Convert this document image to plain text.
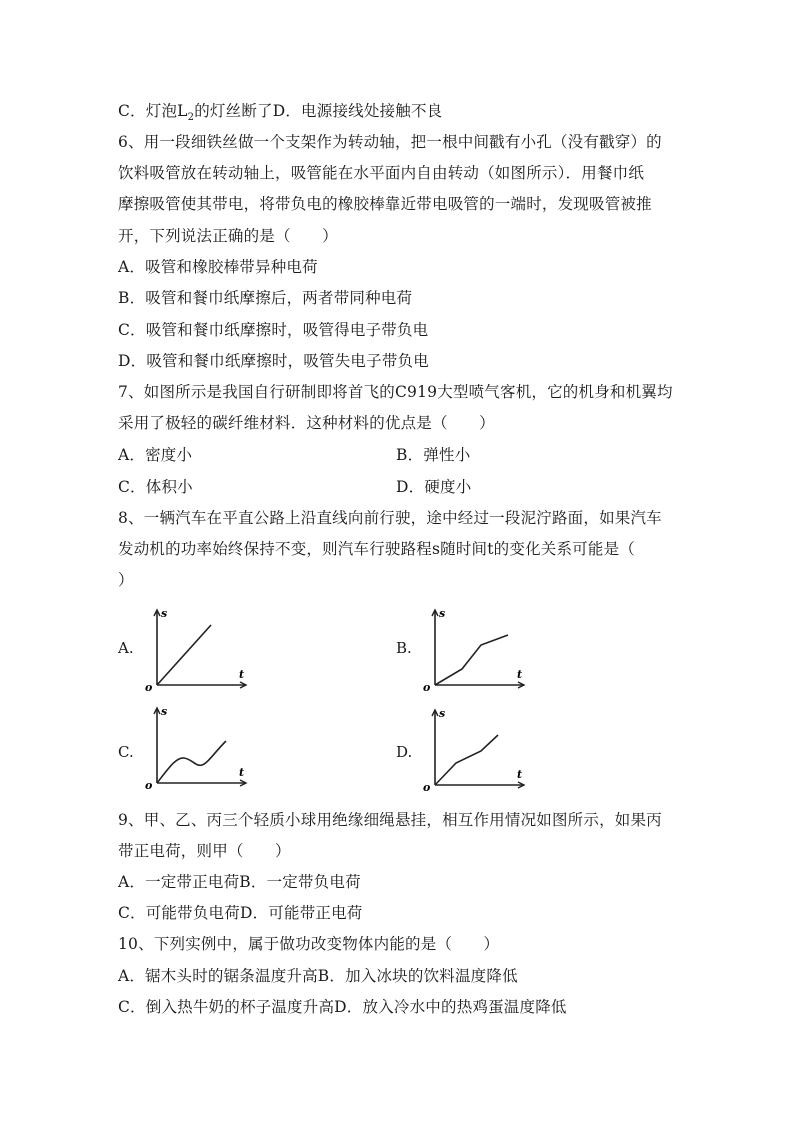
C．灯泡$L_2$的灯丝断了D．电源接线处接触不良
6、用一段细铁丝做一个支架作为转动轴，把一根中间戳有小孔（没有戳穿）的
饮料吸管放在转动轴上，吸管能在水平面内自由转动（如图所示）．用餐巾纸
摩擦吸管使其带电，将带负电的橡胶棒靠近带电吸管的一端时，发现吸管被推
开，下列说法正确的是（　　）
A．吸管和橡胶棒带异种电荷
B．吸管和餐巾纸摩擦后，两者带同种电荷
C．吸管和餐巾纸摩擦时，吸管得电子带负电
D．吸管和餐巾纸摩擦时，吸管失电子带负电
7、如图所示是我国自行研制即将首飞的C919大型喷气客机，它的机身和机翼均
采用了极轻的碳纤维材料．这种材料的优点是（　　）
A．密度小	B．弹性小
C．体积小	D．硬度小
8、一辆汽车在平直公路上沿直线向前行驶，途中经过一段泥泞路面，如果汽车
发动机的功率始终保持不变，则汽车行驶路程s随时间t的变化关系可能是（
）
A.
s
t
o
B.
s
t
o
C.
s
t
o
D.
s
t
o
9、甲、乙、丙三个轻质小球用绝缘细绳悬挂，相互作用情况如图所示，如果丙
带正电荷，则甲（　　）
A．一定带正电荷B．一定带负电荷
C．可能带负电荷D．可能带正电荷
10、下列实例中，属于做功改变物体内能的是（　　）
A．锯木头时的锯条温度升高B．加入冰块的饮料温度降低
C．倒入热牛奶的杯子温度升高D．放入冷水中的热鸡蛋温度降低
